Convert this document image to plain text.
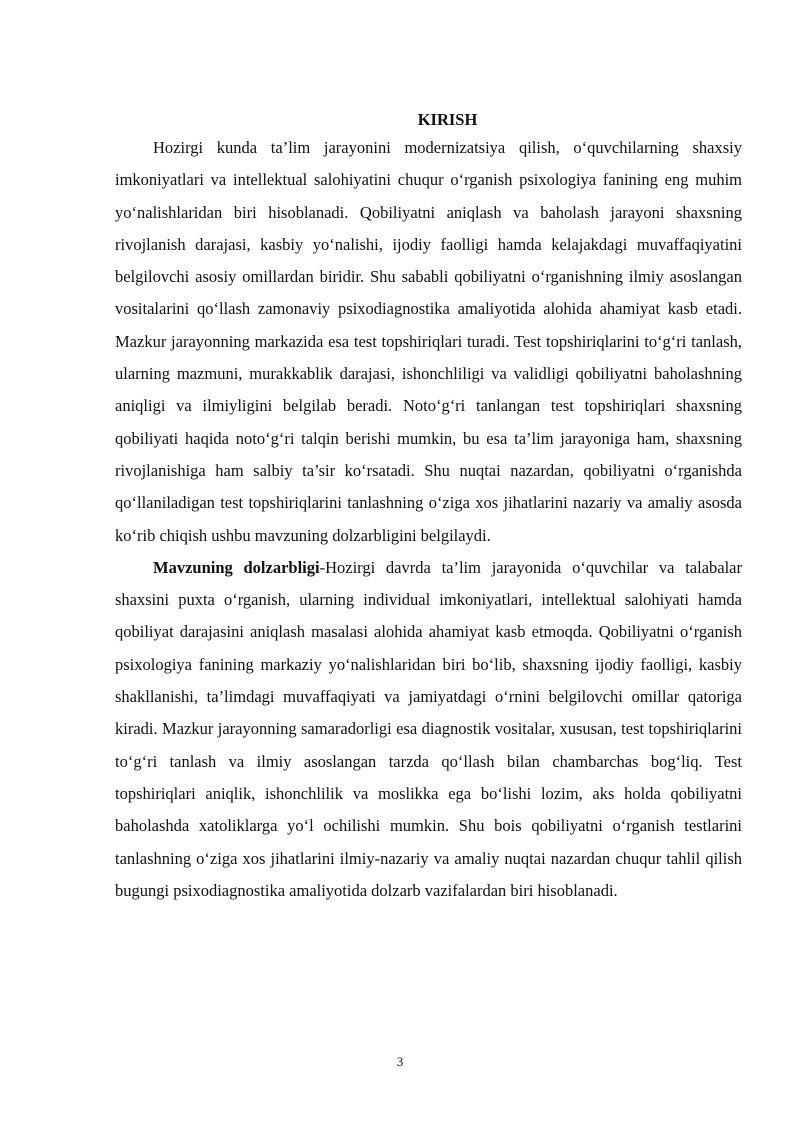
KIRISH

Hozirgi kunda ta’lim jarayonini modernizatsiya qilish, o‘quvchilarning shaxsiy imkoniyatlari va intellektual salohiyatini chuqur o‘rganish psixologiya fanining eng muhim yo‘nalishlaridan biri hisoblanadi. Qobiliyatni aniqlash va baholash jarayoni shaxsning rivojlanish darajasi, kasbiy yo‘nalishi, ijodiy faolligi hamda kelajakdagi muvaffaqiyatini belgilovchi asosiy omillardan biridir. Shu sababli qobiliyatni o‘rganishning ilmiy asoslangan vositalarini qo‘llash zamonaviy psixodiagnostika amaliyotida alohida ahamiyat kasb etadi. Mazkur jarayonning markazida esa test topshiriqlari turadi. Test topshiriqlarini to‘g‘ri tanlash, ularning mazmuni, murakkablik darajasi, ishonchliligi va validligi qobiliyatni baholashning aniqligi va ilmiyligini belgilab beradi. Noto‘g‘ri tanlangan test topshiriqlari shaxsning qobiliyati haqida noto‘g‘ri talqin berishi mumkin, bu esa ta’lim jarayoniga ham, shaxsning rivojlanishiga ham salbiy ta’sir ko‘rsatadi. Shu nuqtai nazardan, qobiliyatni o‘rganishda qo‘llaniladigan test topshiriqlarini tanlashning o‘ziga xos jihatlarini nazariy va amaliy asosda ko‘rib chiqish ushbu mavzuning dolzarbligini belgilaydi.

Mavzuning dolzarbligi-Hozirgi davrda ta’lim jarayonida o‘quvchilar va talabalar shaxsini puxta o‘rganish, ularning individual imkoniyatlari, intellektual salohiyati hamda qobiliyat darajasini aniqlash masalasi alohida ahamiyat kasb etmoqda. Qobiliyatni o‘rganish psixologiya fanining markaziy yo‘nalishlaridan biri bo‘lib, shaxsning ijodiy faolligi, kasbiy shakllanishi, ta’limdagi muvaffaqiyati va jamiyatdagi o‘rnini belgilovchi omillar qatoriga kiradi. Mazkur jarayonning samaradorligi esa diagnostik vositalar, xususan, test topshiriqlarini to‘g‘ri tanlash va ilmiy asoslangan tarzda qo‘llash bilan chambarchas bog‘liq. Test topshiriqlari aniqlik, ishonchlilik va moslikka ega bo‘lishi lozim, aks holda qobiliyatni baholashda xatoliklarga yo‘l ochilishi mumkin. Shu bois qobiliyatni o‘rganish testlarini tanlashning o‘ziga xos jihatlarini ilmiy-nazariy va amaliy nuqtai nazardan chuqur tahlil qilish bugungi psixodiagnostika amaliyotida dolzarb vazifalardan biri hisoblanadi.

3
